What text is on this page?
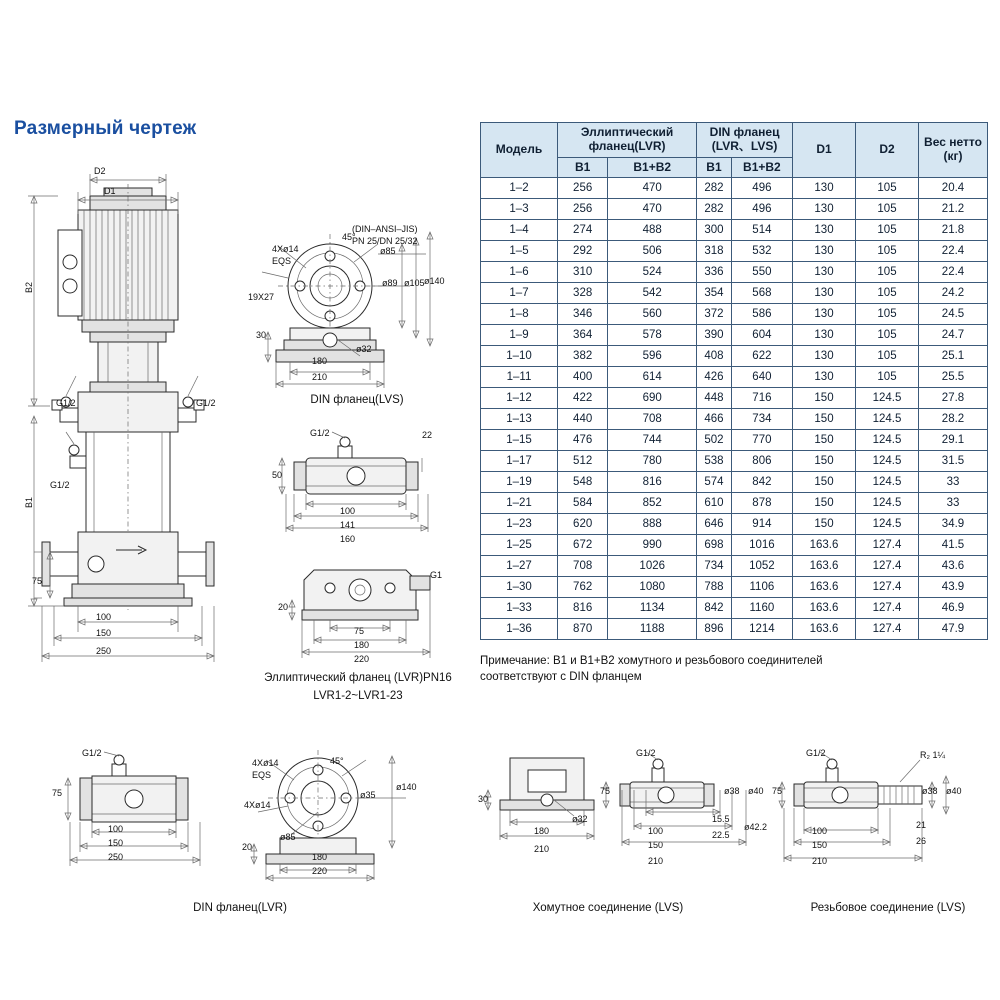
Размерный чертеж
Модель	Эллиптический фланец(LVR)		DIN фланец (LVR、LVS)		D1	D2	Вес нетто (кг)
	B1	B1+B2	B1	B1+B2			
1–2	256	470	282	496	130	105	20.4
1–3	256	470	282	496	130	105	21.2
1–4	274	488	300	514	130	105	21.8
1–5	292	506	318	532	130	105	22.4
1–6	310	524	336	550	130	105	22.4
1–7	328	542	354	568	130	105	24.2
1–8	346	560	372	586	130	105	24.5
1–9	364	578	390	604	130	105	24.7
1–10	382	596	408	622	130	105	25.1
1–11	400	614	426	640	130	105	25.5
1–12	422	690	448	716	150	124.5	27.8
1–13	440	708	466	734	150	124.5	28.2
1–15	476	744	502	770	150	124.5	29.1
1–17	512	780	538	806	150	124.5	31.5
1–19	548	816	574	842	150	124.5	33
1–21	584	852	610	878	150	124.5	33
1–23	620	888	646	914	150	124.5	34.9
1–25	672	990	698	1016	163.6	127.4	41.5
1–27	708	1026	734	1052	163.6	127.4	43.6
1–30	762	1080	788	1106	163.6	127.4	43.9
1–33	816	1134	842	1160	163.6	127.4	46.9
1–36	870	1188	896	1214	163.6	127.4	47.9
Примечание: B1 и B1+B2 хомутного и резьбового соединителей
соответствуют с DIN фланцем
D2
D1
B2
B1
G1/2	G1/2
G1/2
75
100
150
250
(DIN–ANSI–JIS)
PN 25/DN 25/32
4Xø14
EQS
45°
ø85
ø89 ø105 ø140
19X27
30
ø32
180
210
DIN фланец(LVS)
G1/2	22
50
100
141
160
G1
20
75
180
220
Эллиптический фланец (LVR)PN16
LVR1-2~LVR1-23
G1/2
75
100
150
250
4Xø14
EQS
4Xø14
45°
ø140
ø35
ø85
20
180
220
DIN фланец(LVR)
30
ø32
180
210
G1/2
75	ø38 ø40
15.5
22.5
ø42.2
100
150
210
Хомутное соединение (LVS)
G1/2	R₂ 1¼
75	ø38 ø40
21
26
100
150
210
Резьбовое соединение (LVS)
